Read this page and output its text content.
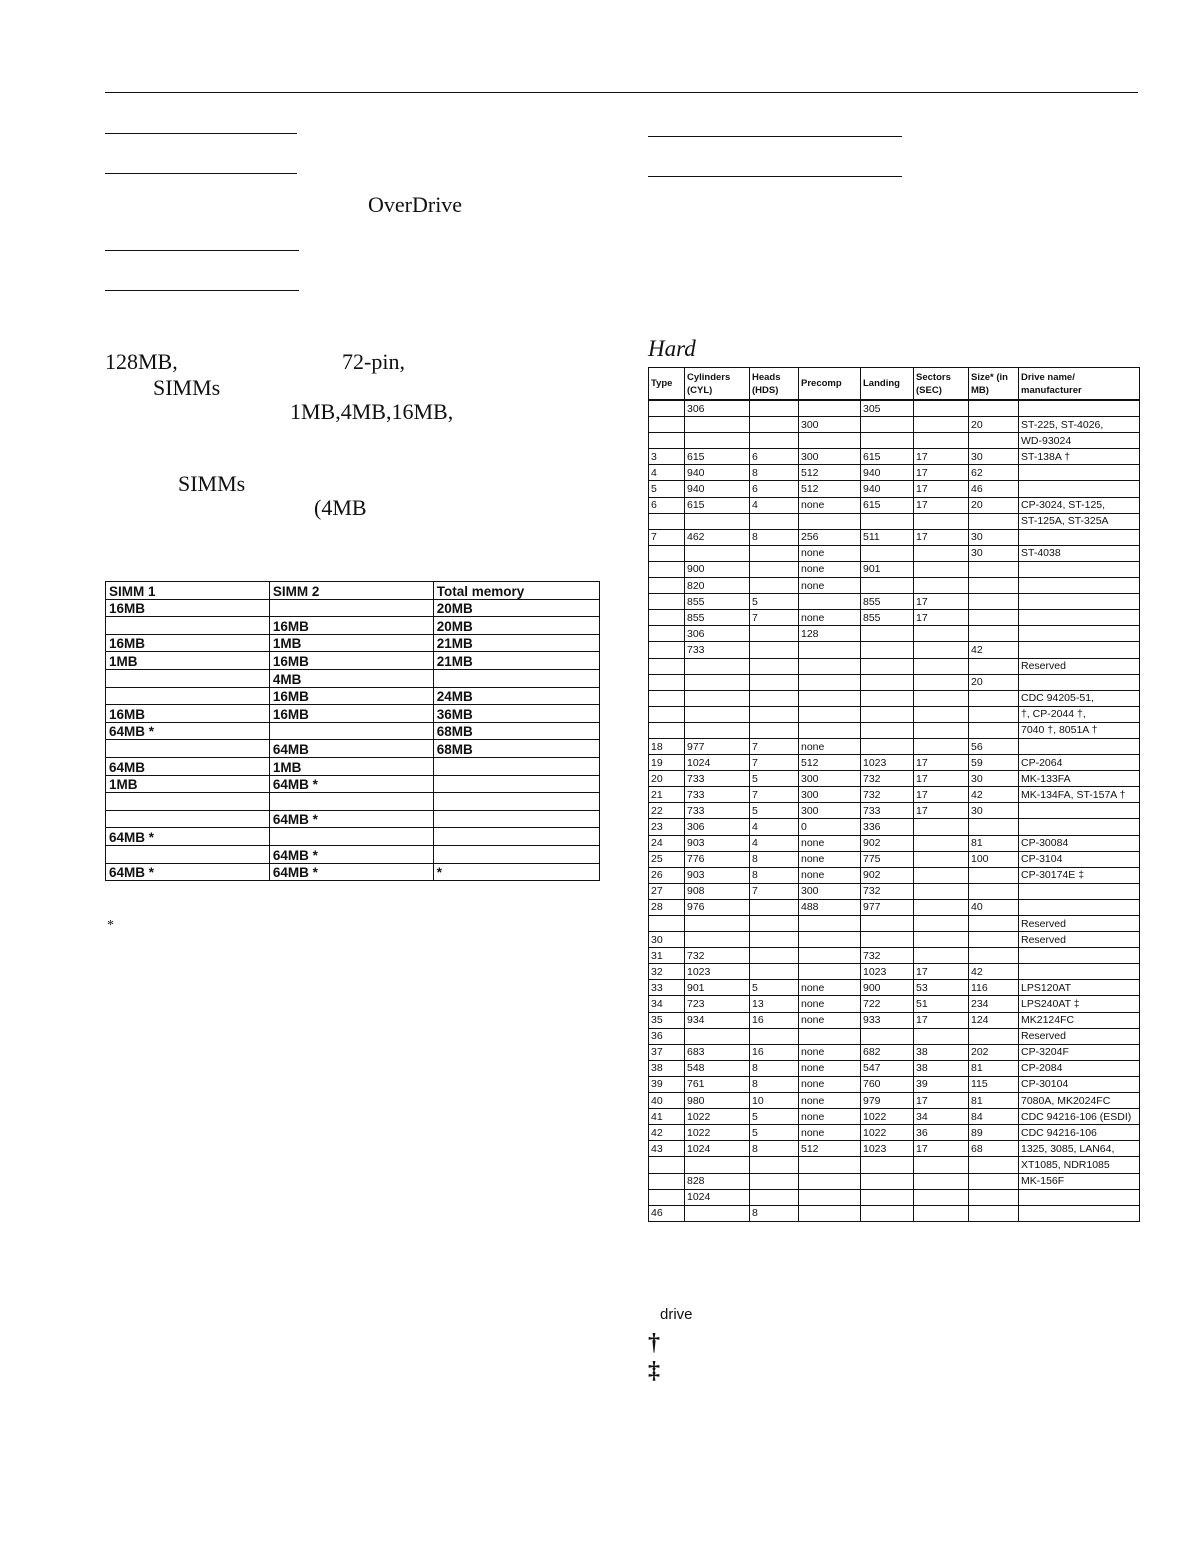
OverDrive
128MB,	72-pin,
SIMMs
1MB,4MB,16MB,
SIMMs
(4MB
SIMM 1	SIMM 2	Total memory
16MB		20MB
	16MB	20MB
16MB	1MB	21MB
1MB	16MB	21MB
	4MB	
	16MB	24MB
16MB	16MB	36MB
64MB *		68MB
	64MB	68MB
64MB	1MB	
1MB	64MB *	

	64MB *	
64MB *		
	64MB *	
64MB *	64MB *	*
*
Hard
Type	Cylinders (CYL)	Heads (HDS)	Precomp	Landing	Sectors (SEC)	Size* (in MB)	Drive name/ manufacturer
	306			305			
			300			20	ST-225, ST-4026,
							WD-93024
3	615	6	300	615	17	30	ST-138A †
4	940	8	512	940	17	62	
5	940	6	512	940	17	46	
6	615	4	none	615	17	20	CP-3024, ST-125,
							ST-125A, ST-325A
7	462	8	256	511	17	30	
			none			30	ST-4038
	900		none	901			
	820		none				
	855	5		855	17		
	855	7	none	855	17		
	306		128				
	733					42	
							Reserved
						20	
							CDC 94205-51,
							†, CP-2044 †,
							7040 †, 8051A †
18	977	7	none			56	
19	1024	7	512	1023	17	59	CP-2064
20	733	5	300	732	17	30	MK-133FA
21	733	7	300	732	17	42	MK-134FA, ST-157A †
22	733	5	300	733	17	30	
23	306	4	0	336			
24	903	4	none	902		81	CP-30084
25	776	8	none	775		100	CP-3104
26	903	8	none	902			CP-30174E ‡
27	908	7	300	732			
28	976		488	977		40	
							Reserved
30							Reserved
31	732			732			
32	1023			1023	17	42	
33	901	5	none	900	53	116	LPS120AT
34	723	13	none	722	51	234	LPS240AT ‡
35	934	16	none	933	17	124	MK2124FC
36							Reserved
37	683	16	none	682	38	202	CP-3204F
38	548	8	none	547	38	81	CP-2084
39	761	8	none	760	39	115	CP-30104
40	980	10	none	979	17	81	7080A, MK2024FC
41	1022	5	none	1022	34	84	CDC 94216-106 (ESDI)
42	1022	5	none	1022	36	89	CDC 94216-106
43	1024	8	512	1023	17	68	1325, 3085, LAN64,
							XT1085, NDR1085
	828						MK-156F
	1024						
46		8					
drive
†
‡
